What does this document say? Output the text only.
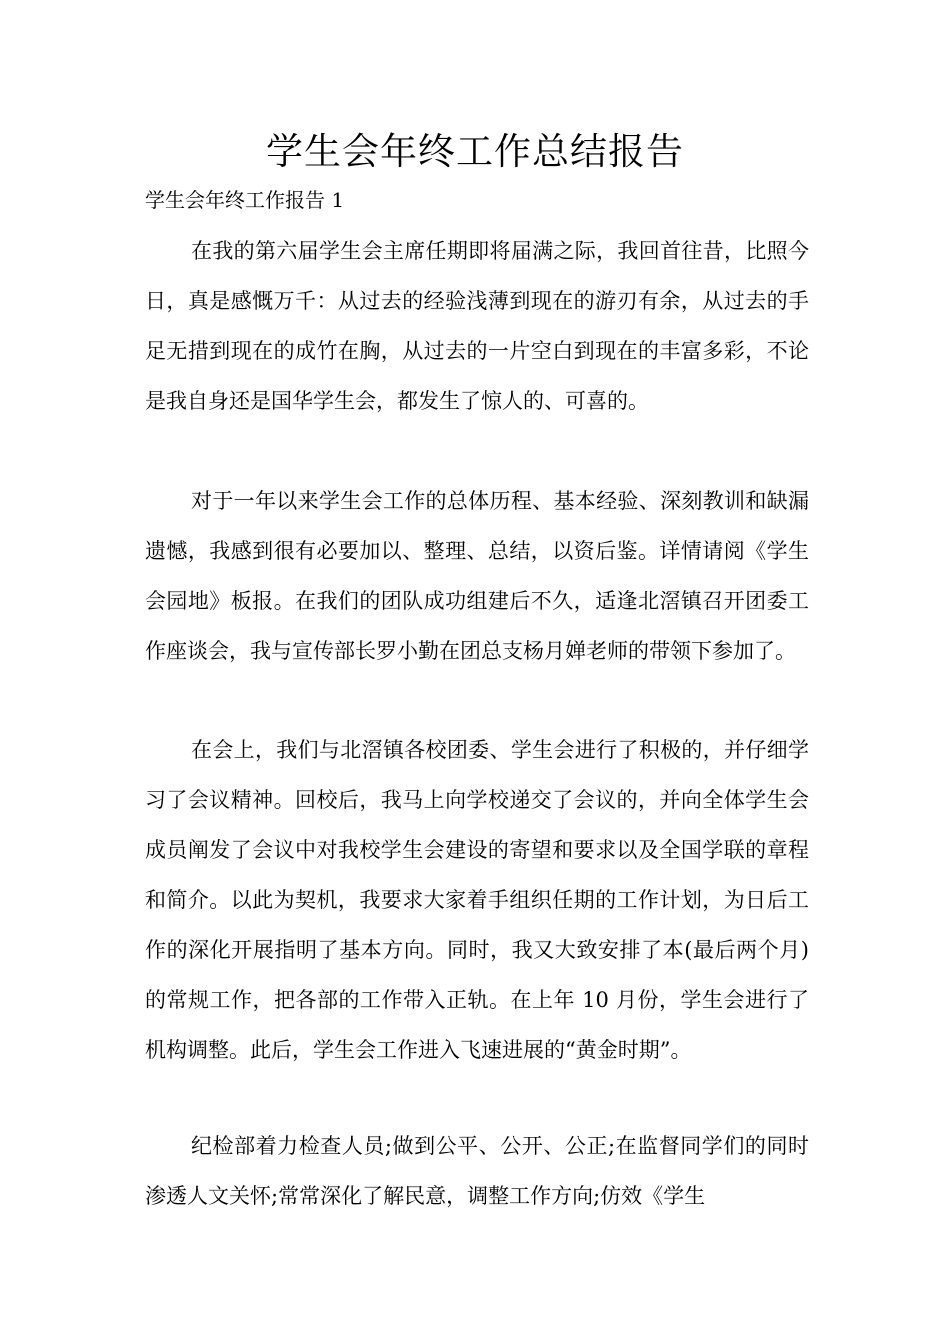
学生会年终工作总结报告

学生会年终工作报告 1

在我的第六届学生会主席任期即将届满之际，我回首往昔，比照今日，真是感慨万千：从过去的经验浅薄到现在的游刃有余，从过去的手足无措到现在的成竹在胸，从过去的一片空白到现在的丰富多彩，不论是我自身还是国华学生会，都发生了惊人的、可喜的。

对于一年以来学生会工作的总体历程、基本经验、深刻教训和缺漏遗憾，我感到很有必要加以、整理、总结，以资后鉴。详情请阅《学生会园地》板报。在我们的团队成功组建后不久，适逢北滘镇召开团委工作座谈会，我与宣传部长罗小勤在团总支杨月婵老师的带领下参加了。

在会上，我们与北滘镇各校团委、学生会进行了积极的，并仔细学习了会议精神。回校后，我马上向学校递交了会议的，并向全体学生会成员阐发了会议中对我校学生会建设的寄望和要求以及全国学联的章程和简介。以此为契机，我要求大家着手组织任期的工作计划，为日后工作的深化开展指明了基本方向。同时，我又大致安排了本(最后两个月)的常规工作，把各部的工作带入正轨。在上年 10 月份，学生会进行了机构调整。此后，学生会工作进入飞速进展的“黄金时期”。

纪检部着力检查人员;做到公平、公开、公正;在监督同学们的同时渗透人文关怀;常常深化了解民意，调整工作方向;仿效《学生
